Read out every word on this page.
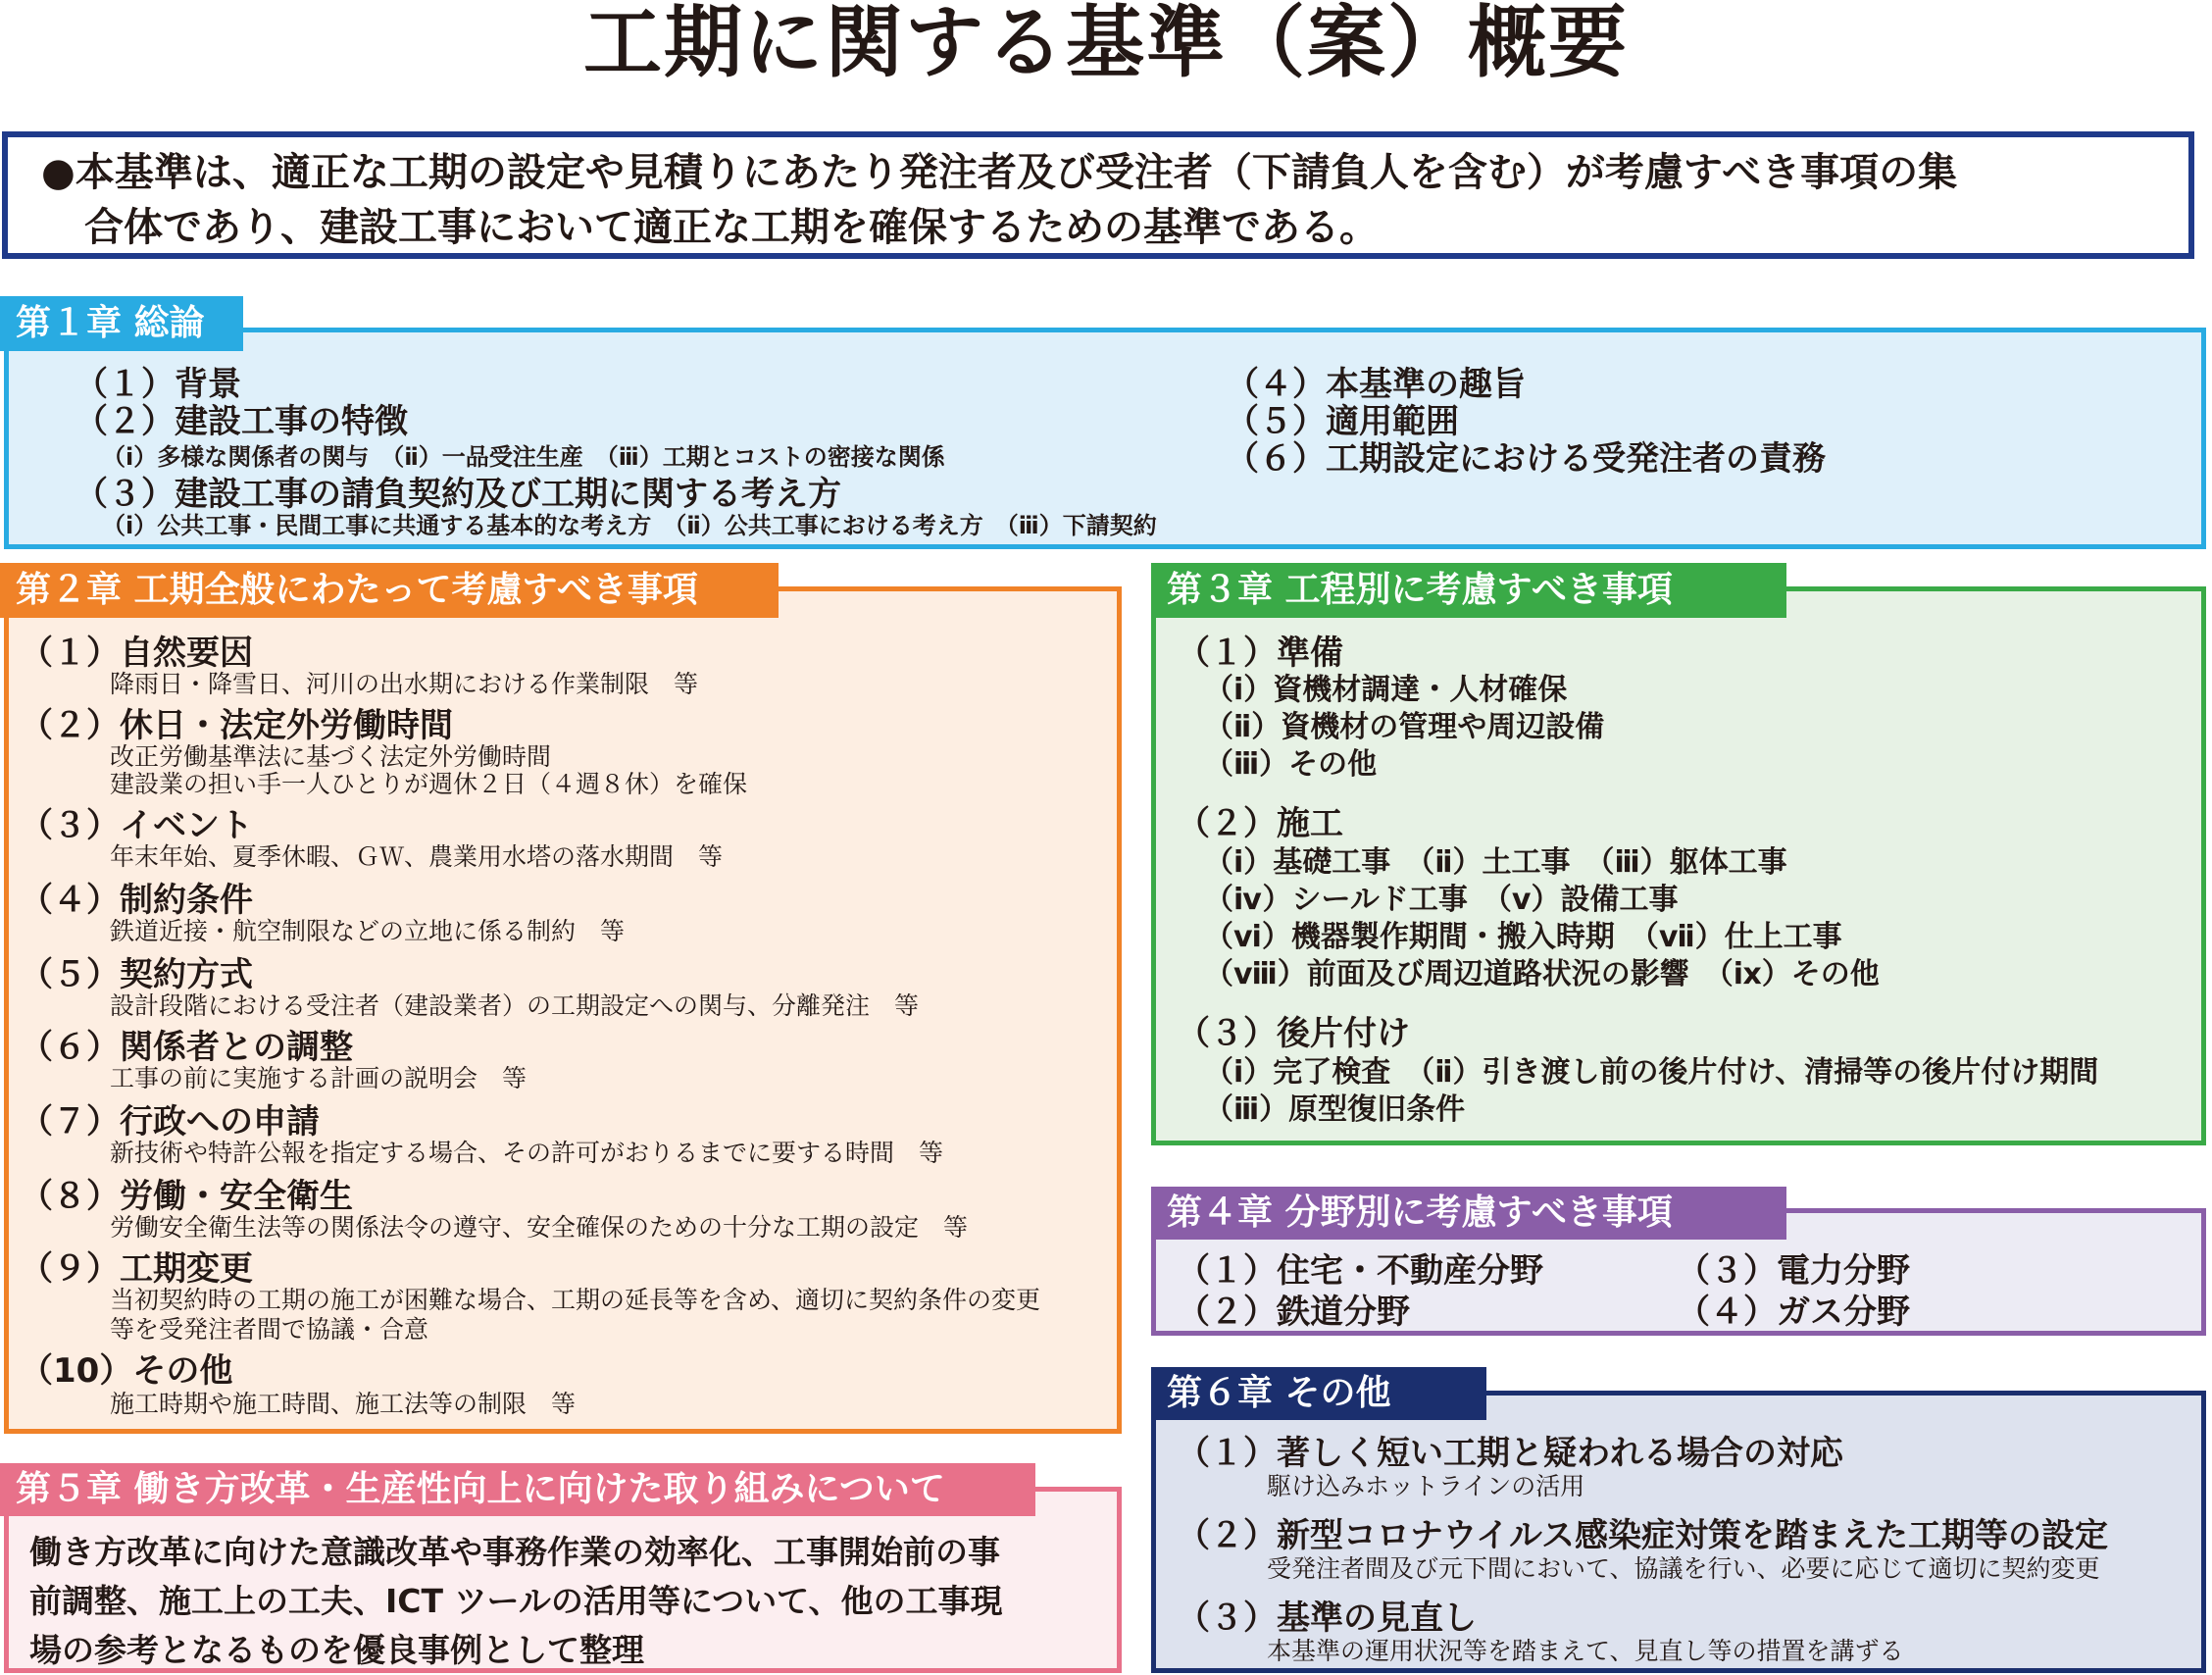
工期に関する基準（案）概要
●本基準は、適正な工期の設定や見積りにあたり発注者及び受注者（下請負人を含む）が考慮すべき事項の集
合体であり、建設工事において適正な工期を確保するための基準である。
第１章 総論
（１）背景
（２）建設工事の特徴
（ⅰ）多様な関係者の関与　（ⅱ）一品受注生産　（ⅲ）工期とコストの密接な関係
（３）建設工事の請負契約及び工期に関する考え方
（ⅰ）公共工事・民間工事に共通する基本的な考え方　（ⅱ）公共工事における考え方　（ⅲ）下請契約
（４）本基準の趣旨
（５）適用範囲
（６）工期設定における受発注者の責務
第２章 工期全般にわたって考慮すべき事項
（１）自然要因
降雨日・降雪日、河川の出水期における作業制限　等
（２）休日・法定外労働時間
改正労働基準法に基づく法定外労働時間
建設業の担い手一人ひとりが週休２日（４週８休）を確保
（３）イベント
年末年始、夏季休暇、ＧＷ、農業用水塔の落水期間　等
（４）制約条件
鉄道近接・航空制限などの立地に係る制約　等
（５）契約方式
設計段階における受注者（建設業者）の工期設定への関与、分離発注　等
（６）関係者との調整
工事の前に実施する計画の説明会　等
（７）行政への申請
新技術や特許公報を指定する場合、その許可がおりるまでに要する時間　等
（８）労働・安全衛生
労働安全衛生法等の関係法令の遵守、安全確保のための十分な工期の設定　等
（９）工期変更
当初契約時の工期の施工が困難な場合、工期の延長等を含め、適切に契約条件の変更
等を受発注者間で協議・合意
（10）その他
施工時期や施工時間、施工法等の制限　等
第３章 工程別に考慮すべき事項
（１）準備
（ⅰ）資機材調達・人材確保
（ⅱ）資機材の管理や周辺設備
（ⅲ）その他
（２）施工
（ⅰ）基礎工事　（ⅱ）土工事　（ⅲ）躯体工事
（ⅳ）シールド工事　（ⅴ）設備工事
（ⅵ）機器製作期間・搬入時期　（ⅶ）仕上工事
（ⅷ）前面及び周辺道路状況の影響　（ⅸ）その他
（３）後片付け
（ⅰ）完了検査　（ⅱ）引き渡し前の後片付け、清掃等の後片付け期間
（ⅲ）原型復旧条件
第４章 分野別に考慮すべき事項
（１）住宅・不動産分野
（２）鉄道分野
（３）電力分野
（４）ガス分野
第６章 その他
（１）著しく短い工期と疑われる場合の対応
駆け込みホットラインの活用
（２）新型コロナウイルス感染症対策を踏まえた工期等の設定
受発注者間及び元下間において、協議を行い、必要に応じて適切に契約変更
（３）基準の見直し
本基準の運用状況等を踏まえて、見直し等の措置を講ずる
第５章 働き方改革・生産性向上に向けた取り組みについて
働き方改革に向けた意識改革や事務作業の効率化、工事開始前の事
前調整、施工上の工夫、ICT ツールの活用等について、他の工事現
場の参考となるものを優良事例として整理
